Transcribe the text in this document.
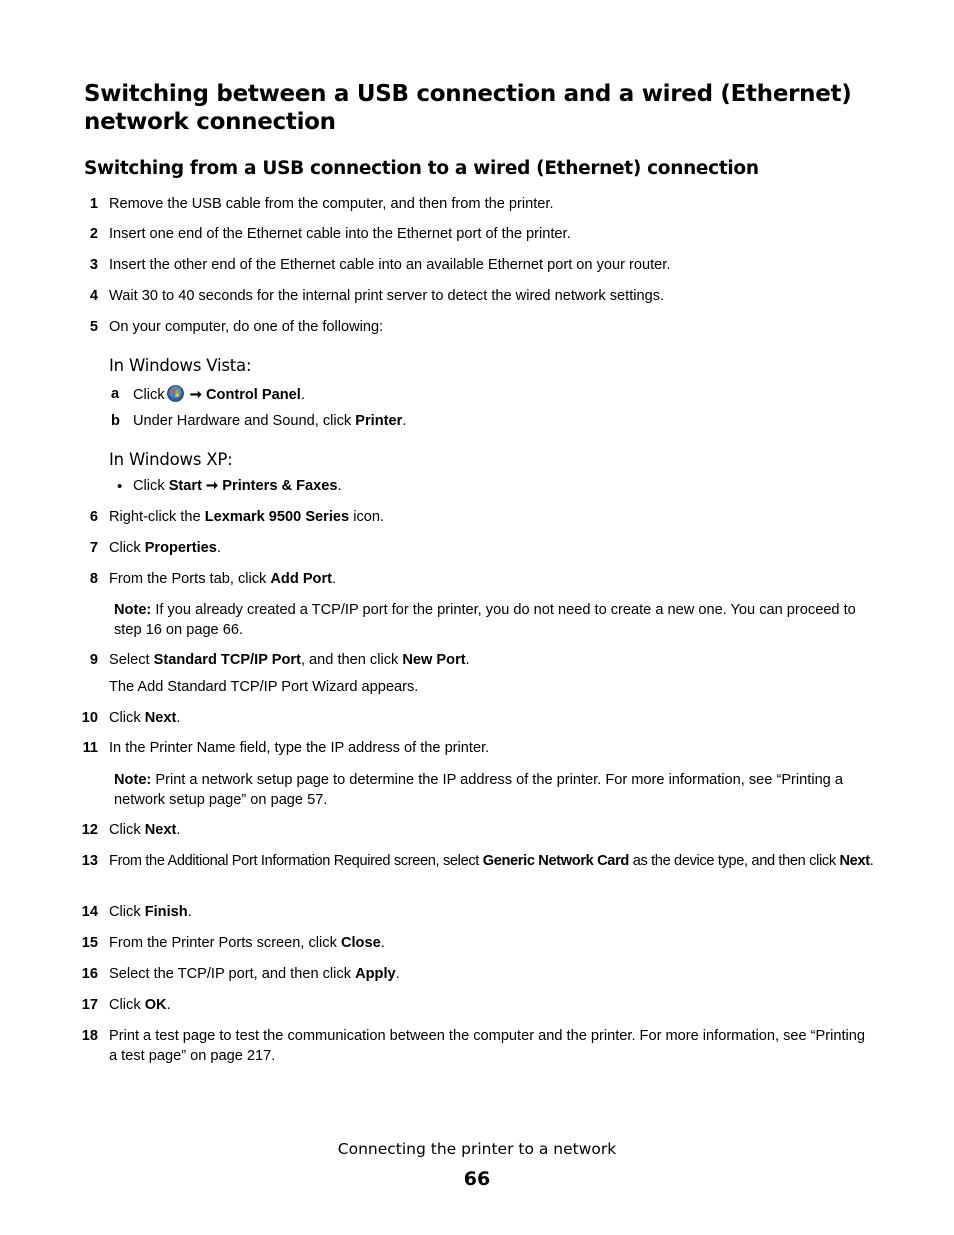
Switching between a USB connection and a wired (Ethernet) network connection
Switching from a USB connection to a wired (Ethernet) connection
1 Remove the USB cable from the computer, and then from the printer.
2 Insert one end of the Ethernet cable into the Ethernet port of the printer.
3 Insert the other end of the Ethernet cable into an available Ethernet port on your router.
4 Wait 30 to 40 seconds for the internal print server to detect the wired network settings.
5 On your computer, do one of the following:
In Windows Vista:
a Click ➞ Control Panel.
b Under Hardware and Sound, click Printer.
In Windows XP:
• Click Start ➞ Printers & Faxes.
6 Right-click the Lexmark 9500 Series icon.
7 Click Properties.
8 From the Ports tab, click Add Port.
Note: If you already created a TCP/IP port for the printer, you do not need to create a new one. You can proceed to step 16 on page 66.
9 Select Standard TCP/IP Port, and then click New Port.
The Add Standard TCP/IP Port Wizard appears.
10 Click Next.
11 In the Printer Name field, type the IP address of the printer.
Note: Print a network setup page to determine the IP address of the printer. For more information, see “Printing a network setup page” on page 57.
12 Click Next.
13 From the Additional Port Information Required screen, select Generic Network Card as the device type, and then click Next.
14 Click Finish.
15 From the Printer Ports screen, click Close.
16 Select the TCP/IP port, and then click Apply.
17 Click OK.
18 Print a test page to test the communication between the computer and the printer. For more information, see “Printing a test page” on page 217.
Connecting the printer to a network
66
